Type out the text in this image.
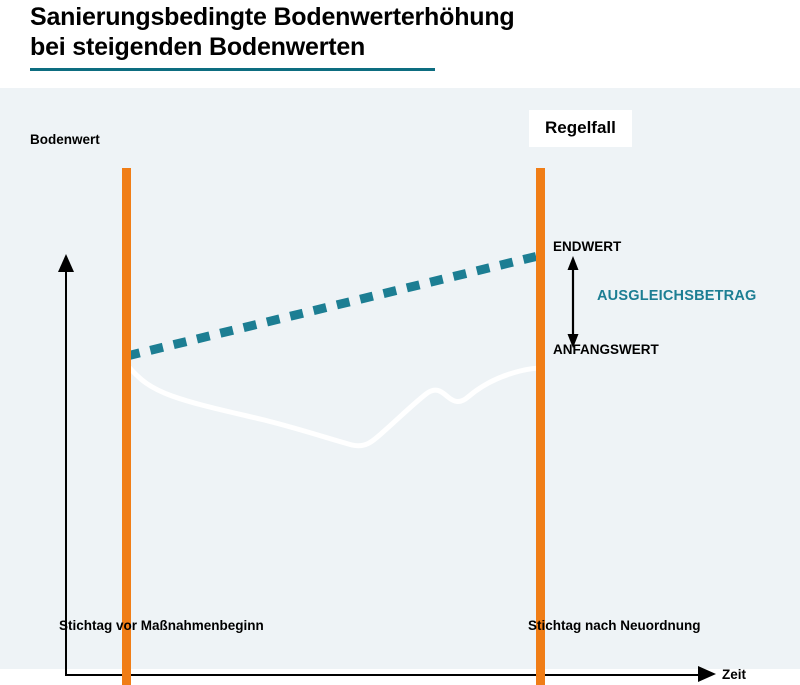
Sanierungsbedingte Bodenwerterhöhung
bei steigenden Bodenwerten
Bodenwert
Zeit
Stichtag vor Maßnahmenbeginn	Stichtag nach Neuordnung
Regelfall
ENDWERT
ANFANGSWERT
AUSGLEICHSBETRAG
